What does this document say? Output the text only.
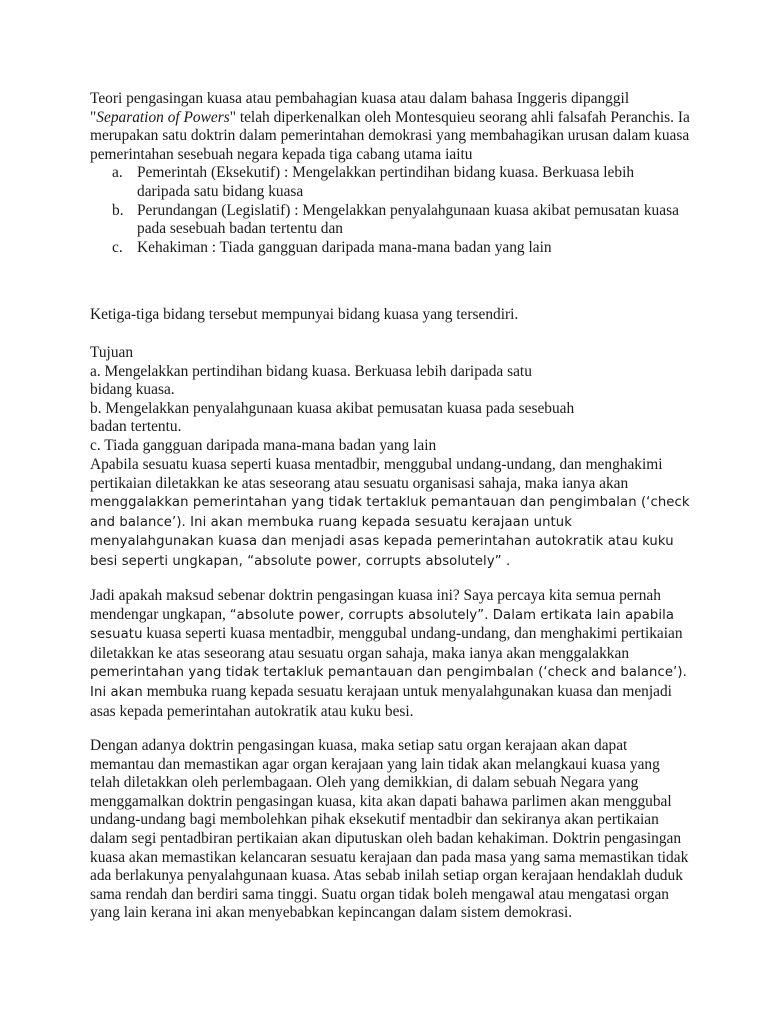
Teori pengasingan kuasa atau pembahagian kuasa atau dalam bahasa Inggeris dipanggil "Separation of Powers" telah diperkenalkan oleh Montesquieu seorang ahli falsafah Peranchis. Ia merupakan satu doktrin dalam pemerintahan demokrasi yang membahagikan urusan dalam kuasa pemerintahan sesebuah negara kepada tiga cabang utama iaitu

a. Pemerintah (Eksekutif) : Mengelakkan pertindihan bidang kuasa. Berkuasa lebih daripada satu bidang kuasa
b. Perundangan (Legislatif) : Mengelakkan penyalahgunaan kuasa akibat pemusatan kuasa pada sesebuah badan tertentu dan
c. Kehakiman : Tiada gangguan daripada mana-mana badan yang lain

Ketiga-tiga bidang tersebut mempunyai bidang kuasa yang tersendiri.

Tujuan

a. Mengelakkan pertindihan bidang kuasa. Berkuasa lebih daripada satu bidang kuasa.

b. Mengelakkan penyalahgunaan kuasa akibat pemusatan kuasa pada sesebuah badan tertentu.

c. Tiada gangguan daripada mana-mana badan yang lain

Apabila sesuatu kuasa seperti kuasa mentadbir, menggubal undang-undang, dan menghakimi pertikaian diletakkan ke atas seseorang atau sesuatu organisasi sahaja, maka ianya akan menggalakkan pemerintahan yang tidak tertakluk pemantauan dan pengimbalan (‘check and balance’). Ini akan membuka ruang kepada sesuatu kerajaan untuk menyalahgunakan kuasa dan menjadi asas kepada pemerintahan autokratik atau kuku besi seperti ungkapan, “absolute power, corrupts absolutely” .

Jadi apakah maksud sebenar doktrin pengasingan kuasa ini? Saya percaya kita semua pernah mendengar ungkapan, “absolute power, corrupts absolutely”. Dalam ertikata lain apabila sesuatu kuasa seperti kuasa mentadbir, menggubal undang-undang, dan menghakimi pertikaian diletakkan ke atas seseorang atau sesuatu organ sahaja, maka ianya akan menggalakkan pemerintahan yang tidak tertakluk pemantauan dan pengimbalan (‘check and balance’). Ini akan membuka ruang kepada sesuatu kerajaan untuk menyalahgunakan kuasa dan menjadi asas kepada pemerintahan autokratik atau kuku besi.

Dengan adanya doktrin pengasingan kuasa, maka setiap satu organ kerajaan akan dapat memantau dan memastikan agar organ kerajaan yang lain tidak akan melangkaui kuasa yang telah diletakkan oleh perlembagaan. Oleh yang demikkian, di dalam sebuah Negara yang menggamalkan doktrin pengasingan kuasa, kita akan dapati bahawa parlimen akan menggubal undang-undang bagi membolehkan pihak eksekutif mentadbir dan sekiranya akan pertikaian dalam segi pentadbiran pertikaian akan diputuskan oleh badan kehakiman. Doktrin pengasingan kuasa akan memastikan kelancaran sesuatu kerajaan dan pada masa yang sama memastikan tidak ada berlakunya penyalahgunaan kuasa. Atas sebab inilah setiap organ kerajaan hendaklah duduk sama rendah dan berdiri sama tinggi. Suatu organ tidak boleh mengawal atau mengatasi organ yang lain kerana ini akan menyebabkan kepincangan dalam sistem demokrasi.
